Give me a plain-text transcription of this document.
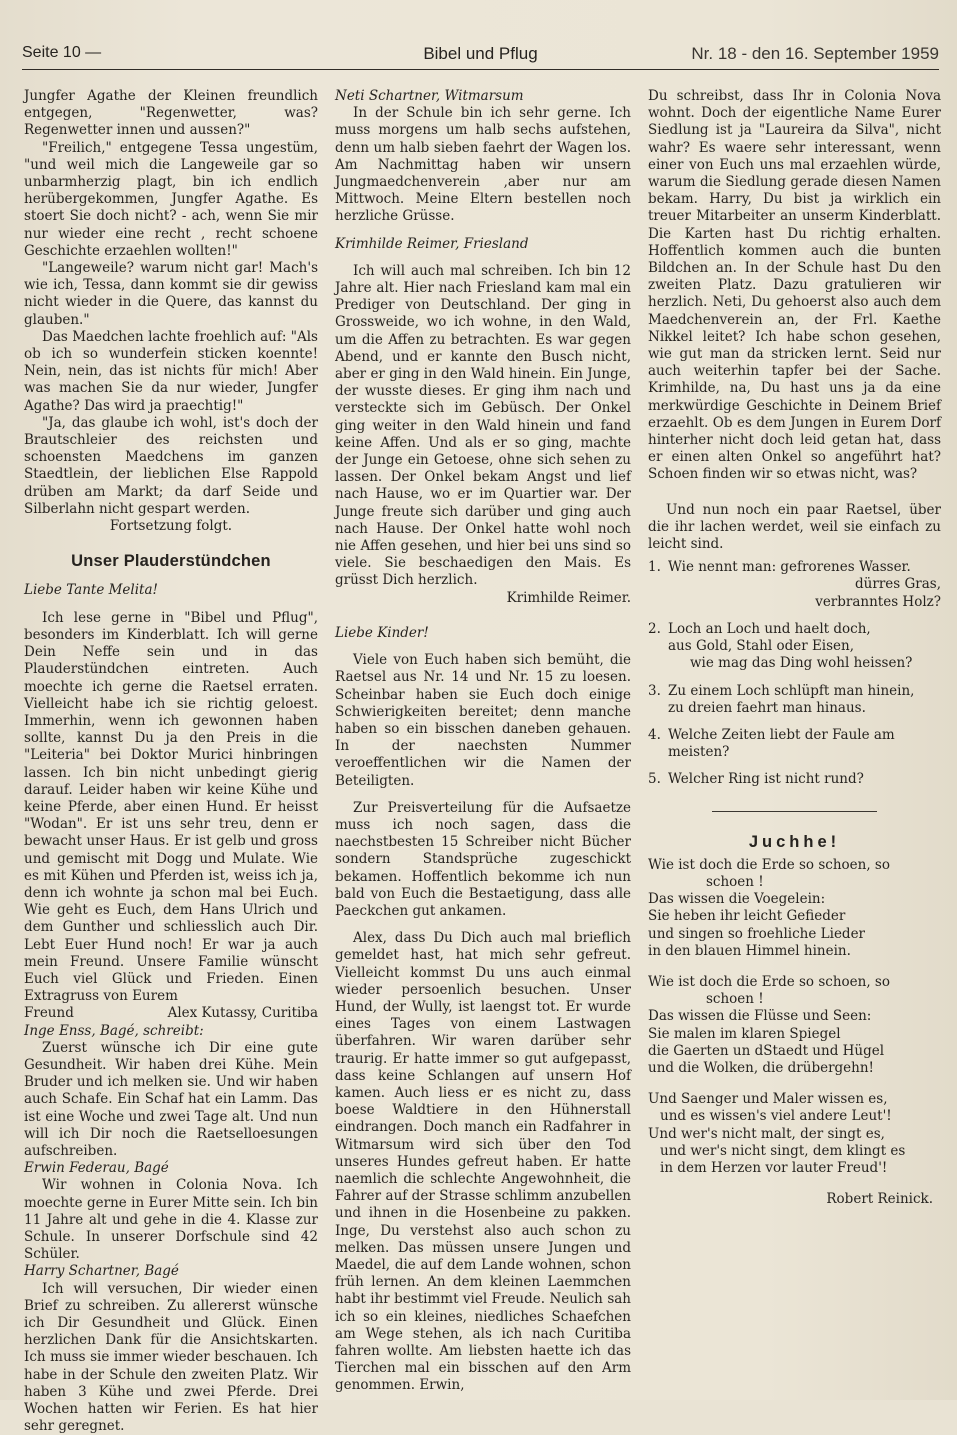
Seite 10 —	Bibel und Pflug	Nr. 18 - den 16. September 1959

Jungfer Agathe der Kleinen freundlich entgegen, "Regenwetter, was? Regenwetter innen und aussen?"

"Freilich," entgegene Tessa ungestüm, "und weil mich die Langeweile gar so unbarmherzig plagt, bin ich endlich herübergekommen, Jungfer Agathe. Es stoert Sie doch nicht? - ach, wenn Sie mir nur wieder eine recht , recht schoene Geschichte erzaehlen wollten!"

"Langeweile? warum nicht gar! Mach's wie ich, Tessa, dann kommt sie dir gewiss nicht wieder in die Quere, das kannst du glauben."

Das Maedchen lachte froehlich auf: "Als ob ich so wunderfein sticken koennte! Nein, nein, das ist nichts für mich! Aber was machen Sie da nur wieder, Jungfer Agathe? Das wird ja praechtig!"

"Ja, das glaube ich wohl, ist's doch der Brautschleier des reichsten und schoensten Maedchens im ganzen Staedtlein, der lieblichen Else Rappold drüben am Markt; da darf Seide und Silberlahn nicht gespart werden.

Fortsetzung folgt.

Unser Plauderstündchen

Liebe Tante Melita!

Ich lese gerne in "Bibel und Pflug", besonders im Kinderblatt. Ich will gerne Dein Neffe sein und in das Plauderstündchen eintreten. Auch moechte ich gerne die Raetsel erraten. Vielleicht habe ich sie richtig geloest. Immerhin, wenn ich gewonnen haben sollte, kannst Du ja den Preis in die "Leiteria" bei Doktor Murici hinbringen lassen. Ich bin nicht unbedingt gierig darauf. Leider haben wir keine Kühe und keine Pferde, aber einen Hund. Er heisst "Wodan". Er ist uns sehr treu, denn er bewacht unser Haus. Er ist gelb und gross und gemischt mit Dogg und Mulate. Wie es mit Kühen und Pferden ist, weiss ich ja, denn ich wohnte ja schon mal bei Euch. Wie geht es Euch, dem Hans Ulrich und dem Gunther und schliesslich auch Dir. Lebt Euer Hund noch! Er war ja auch mein Freund. Unsere Familie wünscht Euch viel Glück und Frieden. Einen Extragruss von Eurem

Freund	Alex Kutassy, Curitiba

Inge Enss, Bagé, schreibt:

Zuerst wünsche ich Dir eine gute Gesundheit. Wir haben drei Kühe. Mein Bruder und ich melken sie. Und wir haben auch Schafe. Ein Schaf hat ein Lamm. Das ist eine Woche und zwei Tage alt. Und nun will ich Dir noch die Raetselloesungen aufschreiben.

Erwin Federau, Bagé

Wir wohnen in Colonia Nova. Ich moechte gerne in Eurer Mitte sein. Ich bin 11 Jahre alt und gehe in die 4. Klasse zur Schule. In unserer Dorfschule sind 42 Schüler.

Harry Schartner, Bagé

Ich will versuchen, Dir wieder einen Brief zu schreiben. Zu allererst wünsche ich Dir Gesundheit und Glück. Einen herzlichen Dank für die Ansichtskarten. Ich muss sie immer wieder beschauen. Ich habe in der Schule den zweiten Platz. Wir haben 3 Kühe und zwei Pferde. Drei Wochen hatten wir Ferien. Es hat hier sehr geregnet.

Neti Schartner, Witmarsum

In der Schule bin ich sehr gerne. Ich muss morgens um halb sechs aufstehen, denn um halb sieben faehrt der Wagen los. Am Nachmittag haben wir unsern Jungmaedchenverein ,aber nur am Mittwoch. Meine Eltern bestellen noch herzliche Grüsse.

Krimhilde Reimer, Friesland

Ich will auch mal schreiben. Ich bin 12 Jahre alt. Hier nach Friesland kam mal ein Prediger von Deutschland. Der ging in Grossweide, wo ich wohne, in den Wald, um die Affen zu betrachten. Es war gegen Abend, und er kannte den Busch nicht, aber er ging in den Wald hinein. Ein Junge, der wusste dieses. Er ging ihm nach und versteckte sich im Gebüsch. Der Onkel ging weiter in den Wald hinein und fand keine Affen. Und als er so ging, machte der Junge ein Getoese, ohne sich sehen zu lassen. Der Onkel bekam Angst und lief nach Hause, wo er im Quartier war. Der Junge freute sich darüber und ging auch nach Hause. Der Onkel hatte wohl noch nie Affen gesehen, und hier bei uns sind so viele. Sie beschaedigen den Mais. Es grüsst Dich herzlich.

Krimhilde Reimer.

Liebe Kinder!

Viele von Euch haben sich bemüht, die Raetsel aus Nr. 14 und Nr. 15 zu loesen. Scheinbar haben sie Euch doch einige Schwierigkeiten bereitet; denn manche haben so ein bisschen daneben gehauen. In der naechsten Nummer veroeffentlichen wir die Namen der Beteiligten.

Zur Preisverteilung für die Aufsaetze muss ich noch sagen, dass die naechstbesten 15 Schreiber nicht Bücher sondern Standsprüche zugeschickt bekamen. Hoffentlich bekomme ich nun bald von Euch die Bestaetigung, dass alle Paeckchen gut ankamen.

Alex, dass Du Dich auch mal brieflich gemeldet hast, hat mich sehr gefreut. Vielleicht kommst Du uns auch einmal wieder persoenlich besuchen. Unser Hund, der Wully, ist laengst tot. Er wurde eines Tages von einem Lastwagen überfahren. Wir waren darüber sehr traurig. Er hatte immer so gut aufgepasst, dass keine Schlangen auf unsern Hof kamen. Auch liess er es nicht zu, dass boese Waldtiere in den Hühnerstall eindrangen. Doch manch ein Radfahrer in Witmarsum wird sich über den Tod unseres Hundes gefreut haben. Er hatte naemlich die schlechte Angewohnheit, die Fahrer auf der Strasse schlimm anzubellen und ihnen in die Hosenbeine zu pakken. Inge, Du verstehst also auch schon zu melken. Das müssen unsere Jungen und Maedel, die auf dem Lande wohnen, schon früh lernen. An dem kleinen Laemmchen habt ihr bestimmt viel Freude. Neulich sah ich so ein kleines, niedliches Schaefchen am Wege stehen, als ich nach Curitiba fahren wollte. Am liebsten haette ich das Tierchen mal ein bisschen auf den Arm genommen. Erwin,

Du schreibst, dass Ihr in Colonia Nova wohnt. Doch der eigentliche Name Eurer Siedlung ist ja "Laureira da Silva", nicht wahr? Es waere sehr interessant, wenn einer von Euch uns mal erzaehlen würde, warum die Siedlung gerade diesen Namen bekam. Harry, Du bist ja wirklich ein treuer Mitarbeiter an unserm Kinderblatt. Die Karten hast Du richtig erhalten. Hoffentlich kommen auch die bunten Bildchen an. In der Schule hast Du den zweiten Platz. Dazu gratulieren wir herzlich. Neti, Du gehoerst also auch dem Maedchenverein an, der Frl. Kaethe Nikkel leitet? Ich habe schon gesehen, wie gut man da stricken lernt. Seid nur auch weiterhin tapfer bei der Sache. Krimhilde, na, Du hast uns ja da eine merkwürdige Geschichte in Deinem Brief erzaehlt. Ob es dem Jungen in Eurem Dorf hinterher nicht doch leid getan hat, dass er einen alten Onkel so angeführt hat? Schoen finden wir so etwas nicht, was?

Und nun noch ein paar Raetsel, über die ihr lachen werdet, weil sie einfach zu leicht sind.

1. Wie nennt man: gefrorenes Wasser.
dürres Gras,
verbranntes Holz?
2. Loch an Loch und haelt doch,
aus Gold, Stahl oder Eisen,
wie mag das Ding wohl heissen?
3. Zu einem Loch schlüpft man hinein,
zu dreien faehrt man hinaus.
4. Welche Zeiten liebt der Faule am meisten?
5. Welcher Ring ist nicht rund?
Juchhe!
Wie ist doch die Erde so schoen, so
schoen !
Das wissen die Voegelein:
Sie heben ihr leicht Gefieder
und singen so froehliche Lieder
in den blauen Himmel hinein.
Wie ist doch die Erde so schoen, so
schoen !
Das wissen die Flüsse und Seen:
Sie malen im klaren Spiegel
die Gaerten un dStaedt und Hügel
und die Wolken, die drübergehn!
Und Saenger und Maler wissen es,
und es wissen's viel andere Leut'!
Und wer's nicht malt, der singt es,
und wer's nicht singt, dem klingt es
in dem Herzen vor lauter Freud'!

Robert Reinick.
